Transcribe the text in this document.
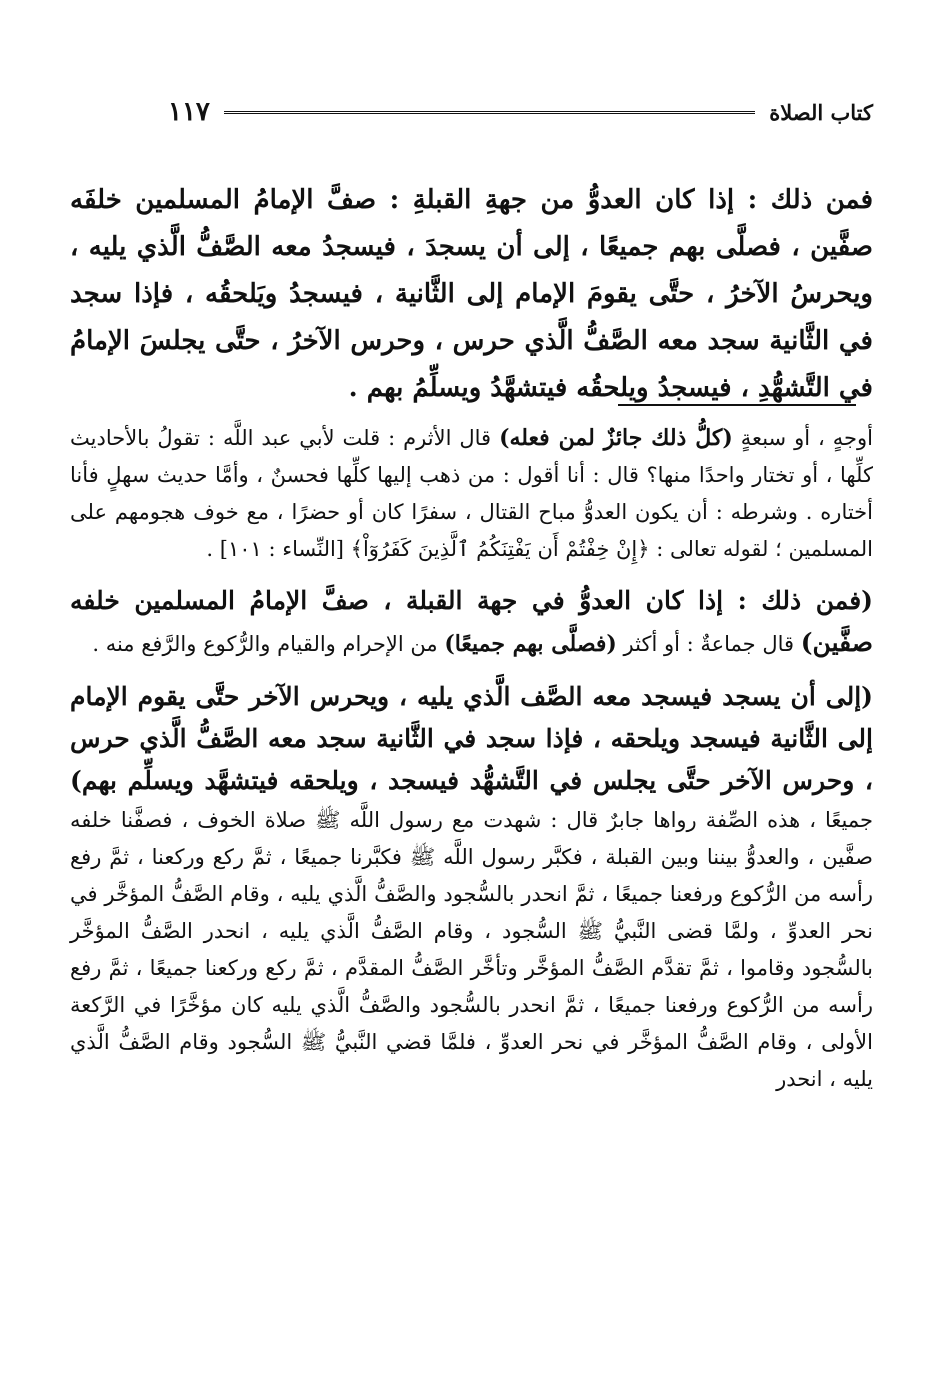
كتاب الصلاة
١١٧

فمن ذلك : إذا كان العدوُّ من جهةِ القبلةِ : صفَّ الإمامُ المسلمين خلفَه صفَّين ، فصلَّى بهم جميعًا ، إلى أن يسجدَ ، فيسجدُ معه الصَّفُّ الَّذي يليه ، ويحرسُ الآخرُ ، حتَّى يقومَ الإمام إلى الثَّانية ، فيسجدُ ويَلحقُه ، فإذا سجد في الثَّانية سجد معه الصَّفُّ الَّذي حرس ، وحرس الآخرُ ، حتَّى يجلسَ الإمامُ في التَّشهُّدِ ، فيسجدُ ويلحقُه فيتشهَّدُ ويسلِّمُ بهم .

أوجهٍ ، أو سبعةٍ (كلُّ ذلك جائزٌ لمن فعله) قال الأثرم : قلت لأبي عبد اللَّه : تقولُ بالأحاديث كلِّها ، أو تختار واحدًا منها؟ قال : أنا أقول : من ذهب إليها كلِّها فحسنٌ ، وأمَّا حديث سهلٍ فأنا أختاره . وشرطه : أن يكون العدوُّ مباح القتال ، سفرًا كان أو حضرًا ، مع خوف هجومهم على المسلمين ؛ لقوله تعالى : ﴿إِنْ خِفْتُمْ أَن يَفْتِنَكُمُ ٱلَّذِينَ كَفَرُوٓاْ﴾ [النِّساء : ١٠١] .

(فمن ذلك : إذا كان العدوُّ في جهة القبلة ، صفَّ الإمامُ المسلمين خلفه صفَّين) قال جماعةٌ : أو أكثر (فصلَّى بهم جميعًا) من الإحرام والقيام والرُّكوع والرَّفع منه .

(إلى أن يسجد فيسجد معه الصَّف الَّذي يليه ، ويحرس الآخر حتَّى يقوم الإمام إلى الثَّانية فيسجد ويلحقه ، فإذا سجد في الثَّانية سجد معه الصَّفُّ الَّذي حرس ، وحرس الآخر حتَّى يجلس في التَّشهُّد فيسجد ، ويلحقه فيتشهَّد ويسلِّم بهم) جميعًا ، هذه الصِّفة رواها جابرٌ قال : شهدت مع رسول اللَّه ﷺ صلاة الخوف ، فصفَّنا خلفه صفَّين ، والعدوُّ بيننا وبين القبلة ، فكبَّر رسول اللَّه ﷺ فكبَّرنا جميعًا ، ثمَّ ركع وركعنا ، ثمَّ رفع رأسه من الرُّكوع ورفعنا جميعًا ، ثمَّ انحدر بالسُّجود والصَّفُّ الَّذي يليه ، وقام الصَّفُّ المؤخَّر في نحر العدوِّ ، ولمَّا قضى النَّبيُّ ﷺ السُّجود ، وقام الصَّفُّ الَّذي يليه ، انحدر الصَّفُّ المؤخَّر بالسُّجود وقاموا ، ثمَّ تقدَّم الصَّفُّ المؤخَّر وتأخَّر الصَّفُّ المقدَّم ، ثمَّ ركع وركعنا جميعًا ، ثمَّ رفع رأسه من الرُّكوع ورفعنا جميعًا ، ثمَّ انحدر بالسُّجود والصَّفُّ الَّذي يليه كان مؤخَّرًا في الرَّكعة الأولى ، وقام الصَّفُّ المؤخَّر في نحر العدوِّ ، فلمَّا قضي النَّبيُّ ﷺ السُّجود وقام الصَّفُّ الَّذي يليه ، انحدر
